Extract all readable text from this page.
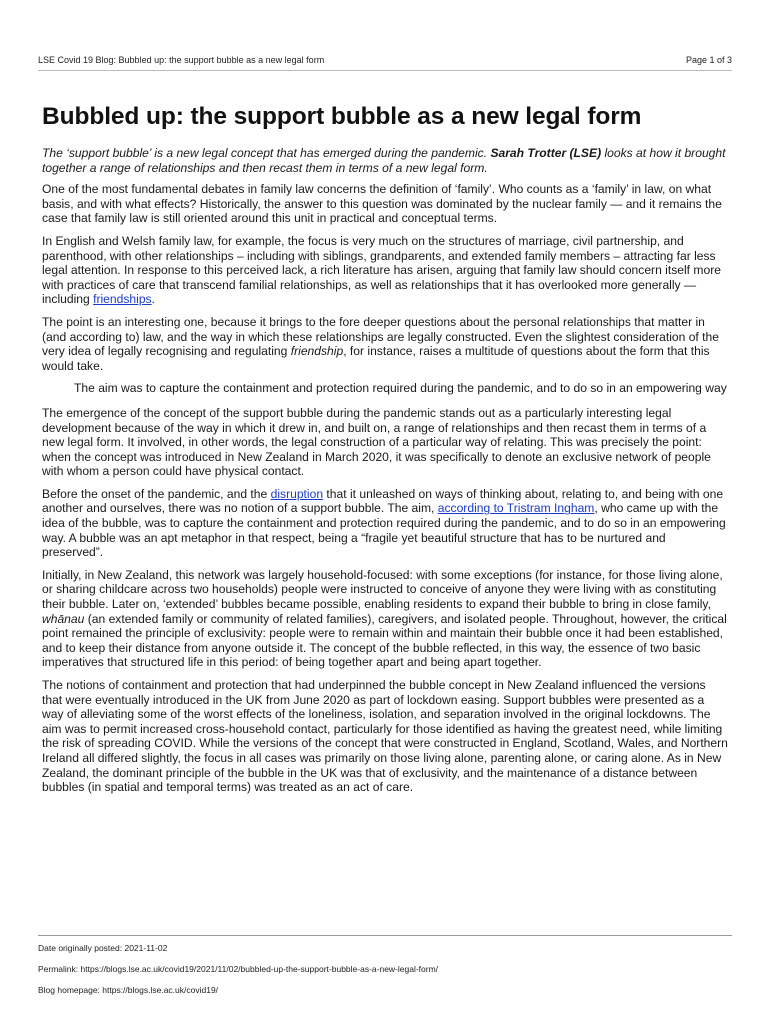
LSE Covid 19 Blog: Bubbled up: the support bubble as a new legal form	Page 1 of 3
Bubbled up: the support bubble as a new legal form

The ‘support bubble’ is a new legal concept that has emerged during the pandemic. Sarah Trotter (LSE) looks at how it brought together a range of relationships and then recast them in terms of a new legal form.

One of the most fundamental debates in family law concerns the definition of ‘family’. Who counts as a ‘family’ in law, on what basis, and with what effects? Historically, the answer to this question was dominated by the nuclear family — and it remains the case that family law is still oriented around this unit in practical and conceptual terms.

In English and Welsh family law, for example, the focus is very much on the structures of marriage, civil partnership, and parenthood, with other relationships – including with siblings, grandparents, and extended family members – attracting far less legal attention. In response to this perceived lack, a rich literature has arisen, arguing that family law should concern itself more with practices of care that transcend familial relationships, as well as relationships that it has overlooked more generally — including friendships.

The point is an interesting one, because it brings to the fore deeper questions about the personal relationships that matter in (and according to) law, and the way in which these relationships are legally constructed. Even the slightest consideration of the very idea of legally recognising and regulating friendship, for instance, raises a multitude of questions about the form that this would take.

The aim was to capture the containment and protection required during the pandemic, and to do so in an empowering way

The emergence of the concept of the support bubble during the pandemic stands out as a particularly interesting legal development because of the way in which it drew in, and built on, a range of relationships and then recast them in terms of a new legal form. It involved, in other words, the legal construction of a particular way of relating. This was precisely the point: when the concept was introduced in New Zealand in March 2020, it was specifically to denote an exclusive network of people with whom a person could have physical contact.

Before the onset of the pandemic, and the disruption that it unleashed on ways of thinking about, relating to, and being with one another and ourselves, there was no notion of a support bubble. The aim, according to Tristram Ingham, who came up with the idea of the bubble, was to capture the containment and protection required during the pandemic, and to do so in an empowering way. A bubble was an apt metaphor in that respect, being a “fragile yet beautiful structure that has to be nurtured and preserved”.

Initially, in New Zealand, this network was largely household-focused: with some exceptions (for instance, for those living alone, or sharing childcare across two households) people were instructed to conceive of anyone they were living with as constituting their bubble. Later on, ‘extended’ bubbles became possible, enabling residents to expand their bubble to bring in close family, whānau (an extended family or community of related families), caregivers, and isolated people. Throughout, however, the critical point remained the principle of exclusivity: people were to remain within and maintain their bubble once it had been established, and to keep their distance from anyone outside it. The concept of the bubble reflected, in this way, the essence of two basic imperatives that structured life in this period: of being together apart and being apart together.

The notions of containment and protection that had underpinned the bubble concept in New Zealand influenced the versions that were eventually introduced in the UK from June 2020 as part of lockdown easing. Support bubbles were presented as a way of alleviating some of the worst effects of the loneliness, isolation, and separation involved in the original lockdowns. The aim was to permit increased cross-household contact, particularly for those identified as having the greatest need, while limiting the risk of spreading COVID. While the versions of the concept that were constructed in England, Scotland, Wales, and Northern Ireland all differed slightly, the focus in all cases was primarily on those living alone, parenting alone, or caring alone. As in New Zealand, the dominant principle of the bubble in the UK was that of exclusivity, and the maintenance of a distance between bubbles (in spatial and temporal terms) was treated as an act of care.

Date originally posted: 2021-11-02
Permalink: https://blogs.lse.ac.uk/covid19/2021/11/02/bubbled-up-the-support-bubble-as-a-new-legal-form/
Blog homepage: https://blogs.lse.ac.uk/covid19/
